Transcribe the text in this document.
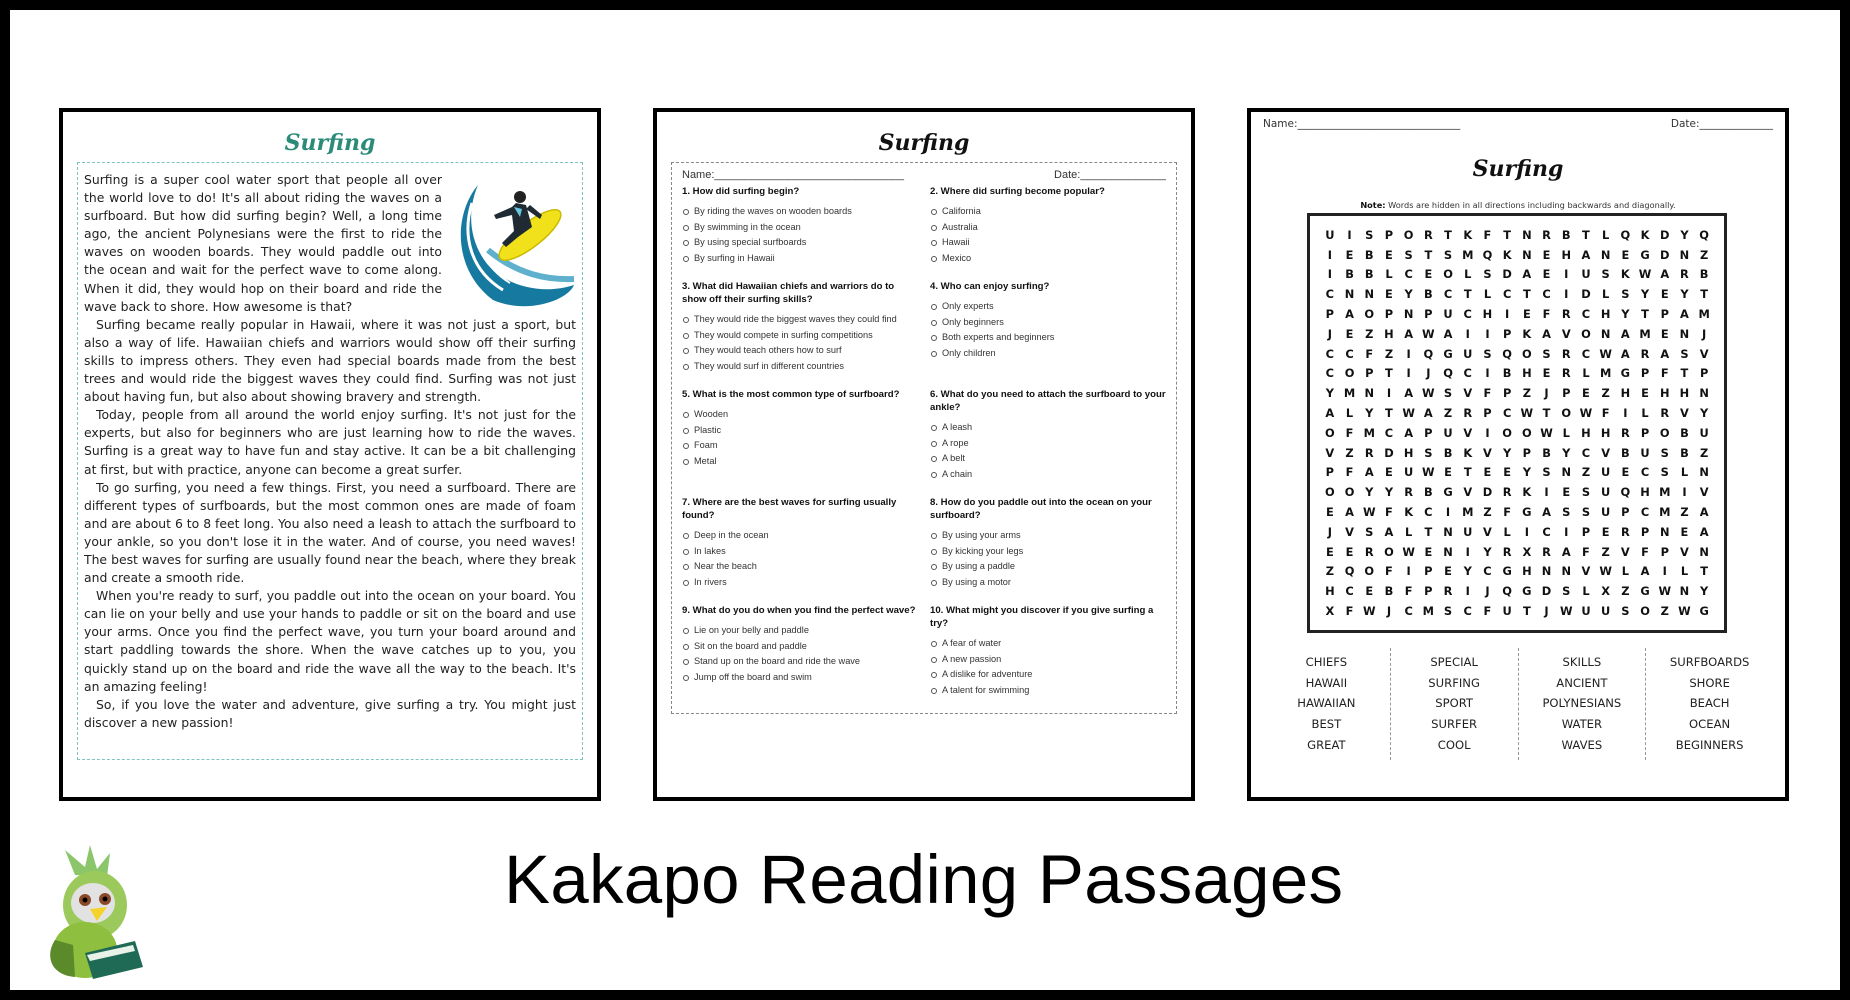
Surfing

Surfing is a super cool water sport that people all over the world love to do! It's all about riding the waves on a surfboard. But how did surfing begin? Well, a long time ago, the ancient Polynesians were the first to ride the waves on wooden boards. They would paddle out into the ocean and wait for the perfect wave to come along. When it did, they would hop on their board and ride the wave back to shore. How awesome is that?

Surfing became really popular in Hawaii, where it was not just a sport, but also a way of life. Hawaiian chiefs and warriors would show off their surfing skills to impress others. They even had special boards made from the best trees and would ride the biggest waves they could find. Surfing was not just about having fun, but also about showing bravery and strength.

Today, people from all around the world enjoy surfing. It's not just for the experts, but also for beginners who are just learning how to ride the waves. Surfing is a great way to have fun and stay active. It can be a bit challenging at first, but with practice, anyone can become a great surfer.

To go surfing, you need a few things. First, you need a surfboard. There are different types of surfboards, but the most common ones are made of foam and are about 6 to 8 feet long. You also need a leash to attach the surfboard to your ankle, so you don't lose it in the water. And of course, you need waves! The best waves for surfing are usually found near the beach, where they break and create a smooth ride.

When you're ready to surf, you paddle out into the ocean on your board. You can lie on your belly and use your hands to paddle or sit on the board and use your arms. Once you find the perfect wave, you turn your board around and start paddling towards the shore. When the wave catches up to you, you quickly stand up on the board and ride the wave all the way to the beach. It's an amazing feeling!

So, if you love the water and adventure, give surfing a try. You might just discover a new passion!

Surfing
Name:_______________________________	Date:______________
1. How did surfing begin?
By riding the waves on wooden boards
By swimming in the ocean
By using special surfboards
By surfing in Hawaii
2. Where did surfing become popular?
California
Australia
Hawaii
Mexico
3. What did Hawaiian chiefs and warriors do to show off their surfing skills?
They would ride the biggest waves they could find
They would compete in surfing competitions
They would teach others how to surf
They would surf in different countries
4. Who can enjoy surfing?
Only experts
Only beginners
Both experts and beginners
Only children
5. What is the most common type of surfboard?
Wooden
Plastic
Foam
Metal
6. What do you need to attach the surfboard to your ankle?
A leash
A rope
A belt
A chain
7. Where are the best waves for surfing usually found?
Deep in the ocean
In lakes
Near the beach
In rivers
8. How do you paddle out into the ocean on your surfboard?
By using your arms
By kicking your legs
By using a paddle
By using a motor
9. What do you do when you find the perfect wave?
Lie on your belly and paddle
Sit on the board and paddle
Stand up on the board and ride the wave
Jump off the board and swim
10. What might you discover if you give surfing a try?
A fear of water
A new passion
A dislike for adventure
A talent for swimming
Name:_______________________________	Date:______________
Surfing
Note: Words are hidden in all directions including backwards and diagonally.
U	I	S	P O R	T	K F	T N R B	T	L Q K D Y Q
I	E	B	E	S	T	S M Q K N E H A N E G D N Z
I	B B	L	C	E O L	S D A E	I	U S K W A R B
C N N E	Y B C	T	L	C	T	C	I	D L	S	Y	E	Y	T
P A O P N P U C H	I	E	F	R C H Y	T	P A M
J	E	Z H A W A	I	I	P K A V O N A M E N	J
C C	F	Z	I	Q G U S Q O S R C W A R A S V
C O P	T	I	J	Q C	I	B H E	R	L M G P	F	T	P
Y M N	I	A W S V F	P Z	J	P	E	Z H E H H N
A	L	Y	T W A Z R P C W T O W F	I	L	R V Y
O F M C A P U V	I	O O W L H H R P O B U
V Z R D H S B K V Y P B Y C V B U S B Z
P	F	A E U W E	T	E	E	Y	S N Z U E	C	S	L N
O O Y	Y R B G V D R K	I	E	S U Q H M	I	V
E A W F	K C	I	M Z	F G A S	S U P C M Z A
J	V S A	L	T N U V	L	I	C	I	P	E	R P N E	A
E	E	R O W E N	I	Y R X R A F	Z V F	P V N
Z Q O F	I	P	E	Y C G H N N V W L	A	I	L	T
H C	E	B	F	P R	I	J	Q G D S	L	X Z G W N Y
X	F W J	C M S	C	F U T	J W U U S O Z W G
CHIEFS
HAWAII
HAWAIIAN
BEST
GREAT
SPECIAL
SURFING
SPORT
SURFER
COOL
SKILLS
ANCIENT
POLYNESIANS
WATER
WAVES
SURFBOARDS
SHORE
BEACH
OCEAN
BEGINNERS
Kakapo Reading Passages
